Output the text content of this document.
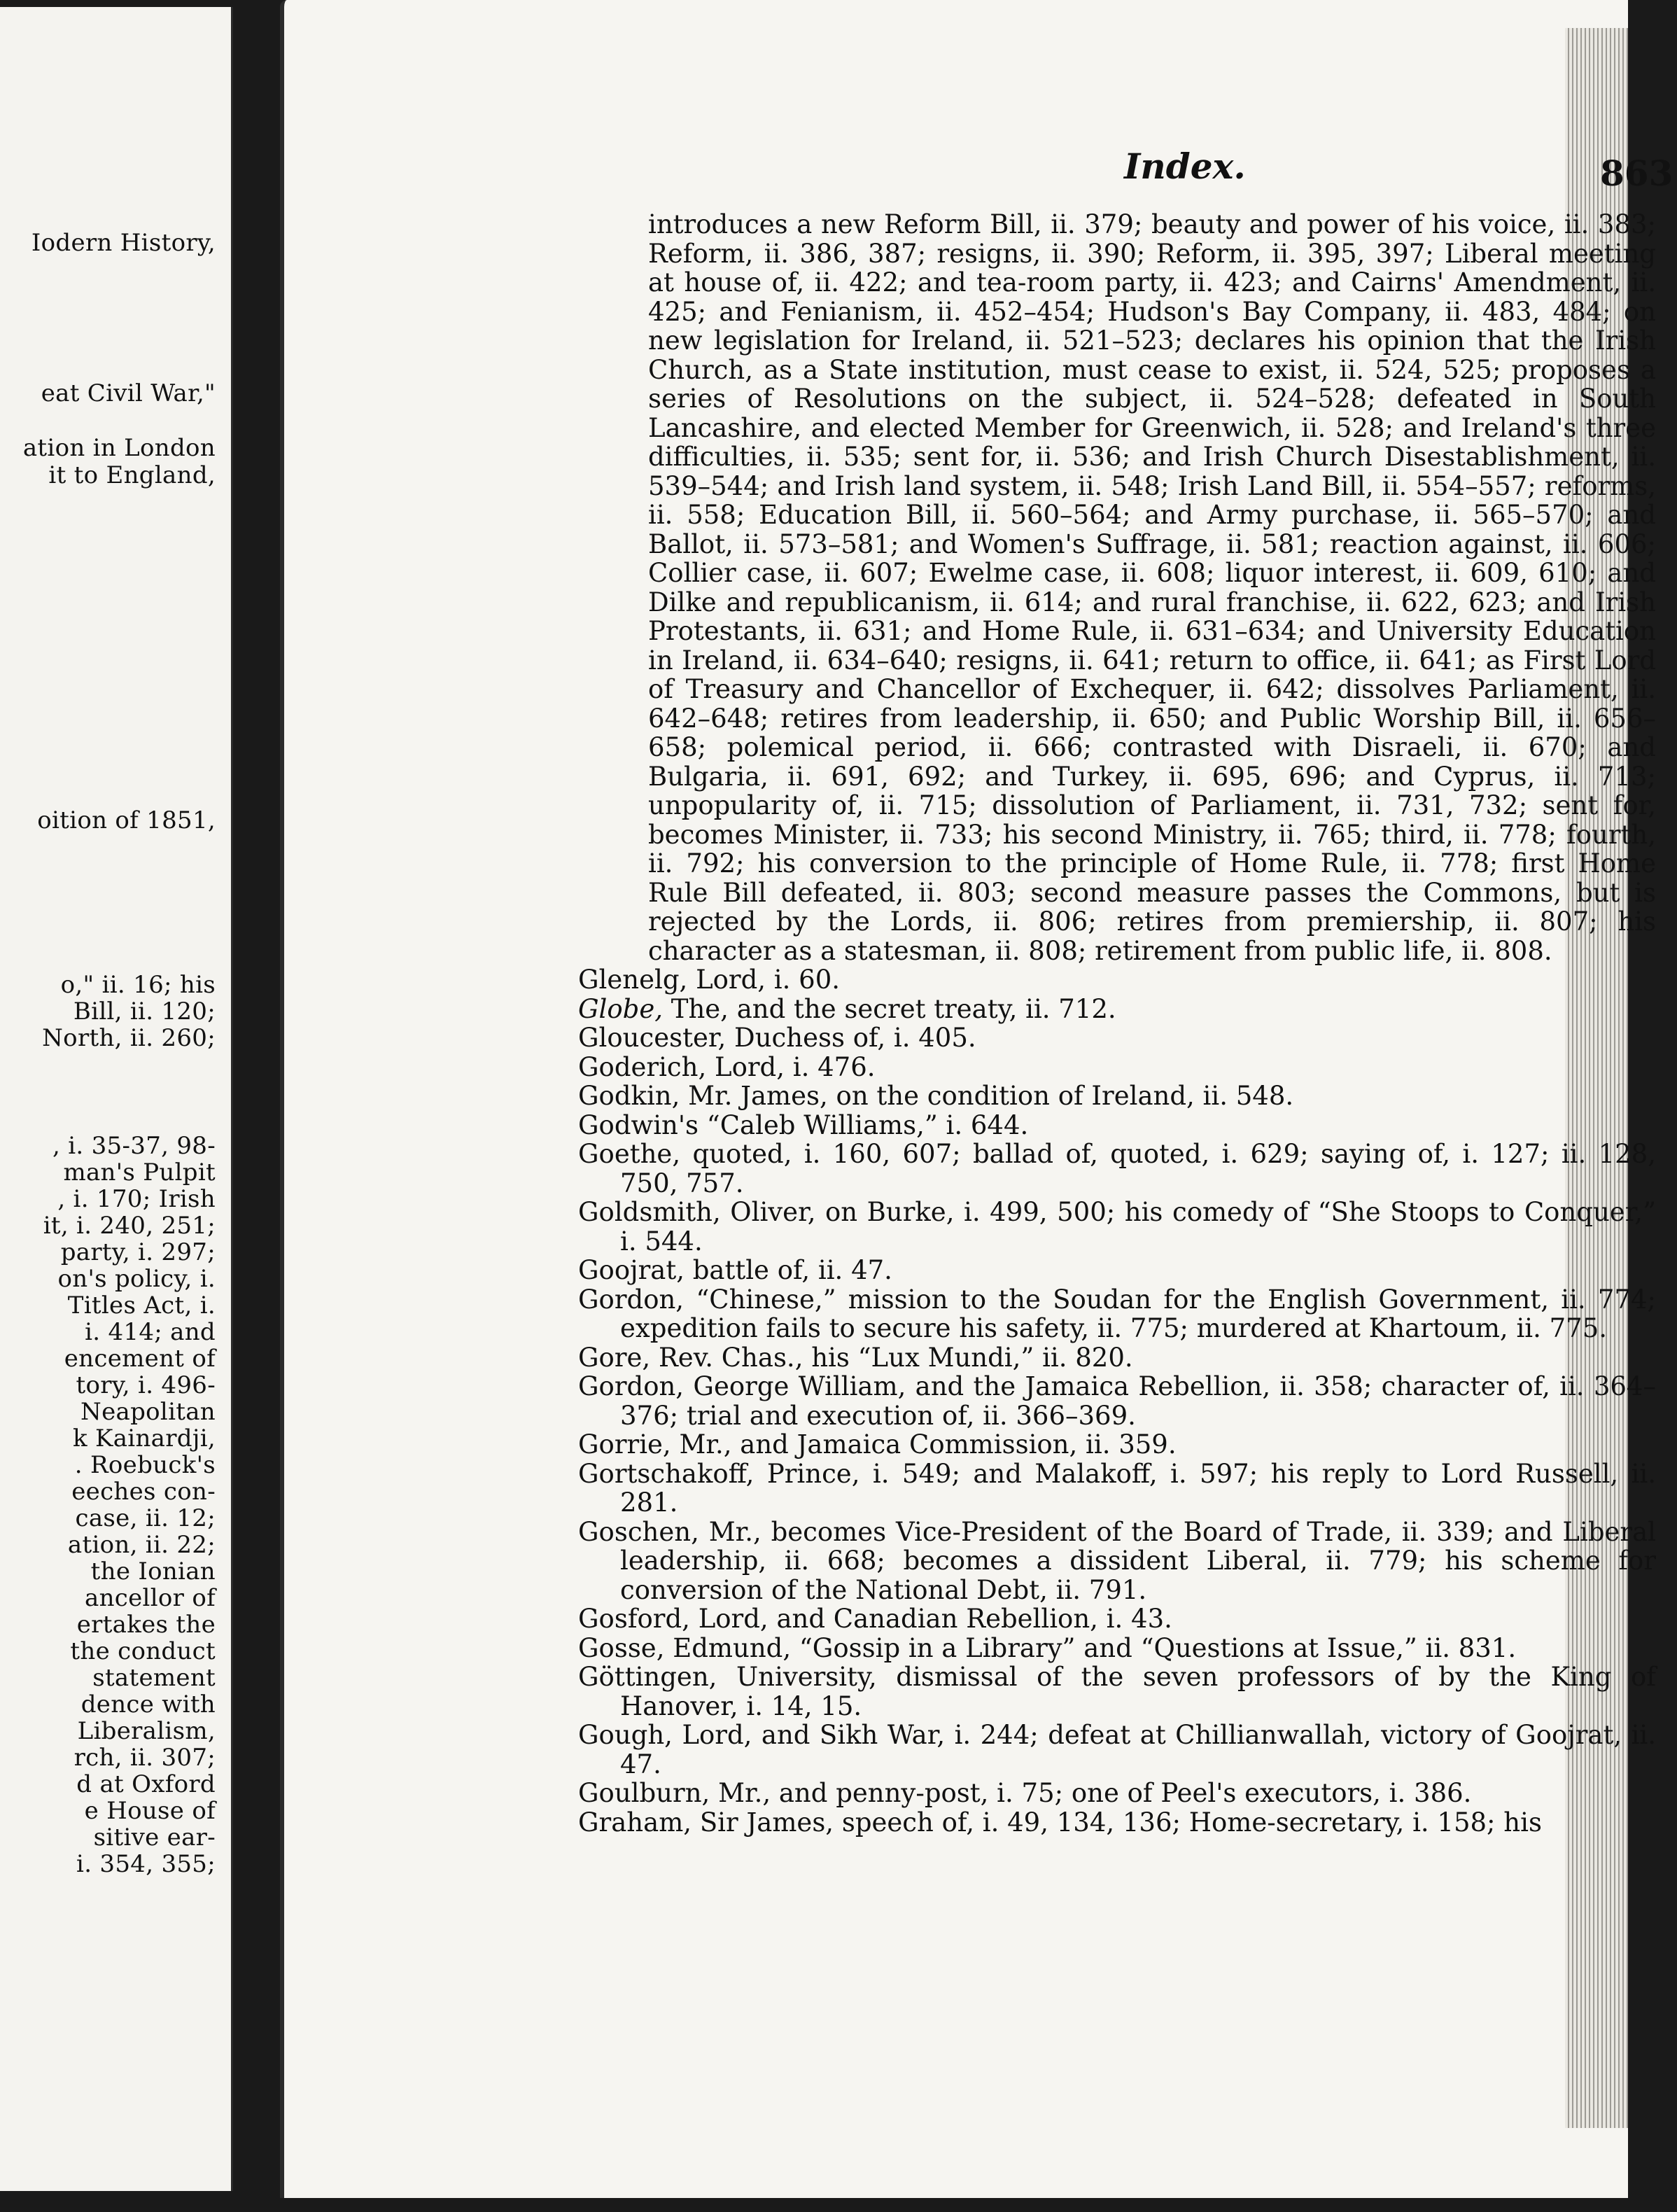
Iodern History,
eat Civil War,"
ation in London
it to England,
oition of 1851,
o," ii. 16; his
Bill, ii. 120;
North, ii. 260;
, i. 35-37, 98-
man's Pulpit
, i. 170; Irish
it, i. 240, 251;
party, i. 297;
on's policy, i.
Titles Act, i.
i. 414; and
encement of
tory, i. 496-
Neapolitan
k Kainardji,
. Roebuck's
eeches con-
case, ii. 12;
ation, ii. 22;
the Ionian
ancellor of
ertakes the
the conduct
statement
dence with
Liberalism,
rch, ii. 307;
d at Oxford
e House of
sitive ear-
i. 354, 355;
Index.	863

introduces a new Reform Bill, ii. 379; beauty and power of his voice, ii. 383; Reform, ii. 386, 387; resigns, ii. 390; Reform, ii. 395, 397; Liberal meeting at house of, ii. 422; and tea-room party, ii. 423; and Cairns' Amendment, ii. 425; and Fenianism, ii. 452–454; Hudson's Bay Company, ii. 483, 484; on new legislation for Ireland, ii. 521–523; declares his opinion that the Irish Church, as a State institution, must cease to exist, ii. 524, 525; proposes a series of Resolutions on the subject, ii. 524–528; defeated in South Lancashire, and elected Member for Greenwich, ii. 528; and Ireland's three difficulties, ii. 535; sent for, ii. 536; and Irish Church Disestablishment, ii. 539–544; and Irish land system, ii. 548; Irish Land Bill, ii. 554–557; reforms, ii. 558; Education Bill, ii. 560–564; and Army purchase, ii. 565–570; and Ballot, ii. 573–581; and Women's Suffrage, ii. 581; reaction against, ii. 606; Collier case, ii. 607; Ewelme case, ii. 608; liquor interest, ii. 609, 610; and Dilke and republicanism, ii. 614; and rural franchise, ii. 622, 623; and Irish Protestants, ii. 631; and Home Rule, ii. 631–634; and University Education in Ireland, ii. 634–640; resigns, ii. 641; return to office, ii. 641; as First Lord of Treasury and Chancellor of Exchequer, ii. 642; dissolves Parliament, ii. 642–648; retires from leadership, ii. 650; and Public Worship Bill, ii. 656–658; polemical period, ii. 666; contrasted with Disraeli, ii. 670; and Bulgaria, ii. 691, 692; and Turkey, ii. 695, 696; and Cyprus, ii. 713; unpopularity of, ii. 715; dissolution of Parliament, ii. 731, 732; sent for, becomes Minister, ii. 733; his second Ministry, ii. 765; third, ii. 778; fourth, ii. 792; his conversion to the principle of Home Rule, ii. 778; first Home Rule Bill defeated, ii. 803; second measure passes the Commons, but is rejected by the Lords, ii. 806; retires from premiership, ii. 807; his character as a statesman, ii. 808; retirement from public life, ii. 808.

Glenelg, Lord, i. 60.

Globe, The, and the secret treaty, ii. 712.

Gloucester, Duchess of, i. 405.

Goderich, Lord, i. 476.

Godkin, Mr. James, on the condition of Ireland, ii. 548.

Godwin's “Caleb Williams,” i. 644.

Goethe, quoted, i. 160, 607; ballad of, quoted, i. 629; saying of, i. 127; ii. 128, 750, 757.

Goldsmith, Oliver, on Burke, i. 499, 500; his comedy of “She Stoops to Conquer,” i. 544.

Goojrat, battle of, ii. 47.

Gordon, “Chinese,” mission to the Soudan for the English Government, ii. 774; expedition fails to secure his safety, ii. 775; murdered at Khartoum, ii. 775.

Gore, Rev. Chas., his “Lux Mundi,” ii. 820.

Gordon, George William, and the Jamaica Rebellion, ii. 358; character of, ii. 364–376; trial and execution of, ii. 366–369.

Gorrie, Mr., and Jamaica Commission, ii. 359.

Gortschakoff, Prince, i. 549; and Malakoff, i. 597; his reply to Lord Russell, ii. 281.

Goschen, Mr., becomes Vice-President of the Board of Trade, ii. 339; and Liberal leadership, ii. 668; becomes a dissident Liberal, ii. 779; his scheme for conversion of the National Debt, ii. 791.

Gosford, Lord, and Canadian Rebellion, i. 43.

Gosse, Edmund, “Gossip in a Library” and “Questions at Issue,” ii. 831.

Göttingen, University, dismissal of the seven professors of by the King of Hanover, i. 14, 15.

Gough, Lord, and Sikh War, i. 244; defeat at Chillianwallah, victory of Goojrat, ii. 47.

Goulburn, Mr., and penny-post, i. 75; one of Peel's executors, i. 386.

Graham, Sir James, speech of, i. 49, 134, 136; Home-secretary, i. 158; his
